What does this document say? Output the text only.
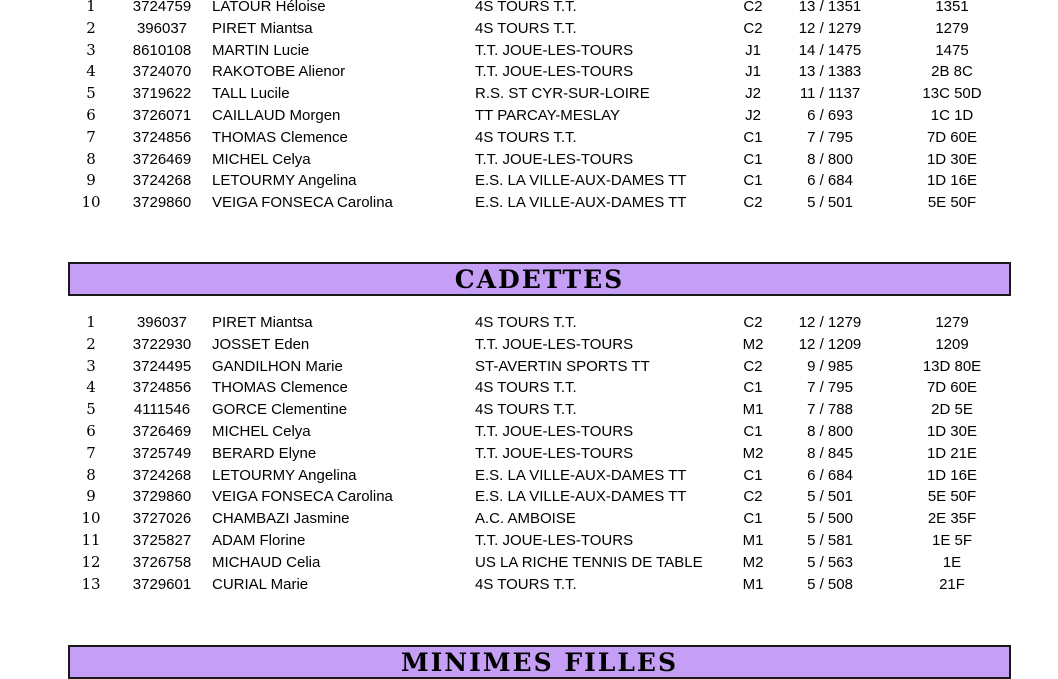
1	3724759	LATOUR Héloise	4S TOURS T.T.	C2	13 / 1351	1351
2	396037	PIRET Miantsa	4S TOURS T.T.	C2	12 / 1279	1279
3	8610108	MARTIN Lucie	T.T. JOUE-LES-TOURS	J1	14 / 1475	1475
4	3724070	RAKOTOBE Alienor	T.T. JOUE-LES-TOURS	J1	13 / 1383	2B 8C
5	3719622	TALL Lucile	R.S. ST CYR-SUR-LOIRE	J2	11 / 1137	13C 50D
6	3726071	CAILLAUD Morgen	TT PARCAY-MESLAY	J2	6 / 693	1C 1D
7	3724856	THOMAS Clemence	4S TOURS T.T.	C1	7 / 795	7D 60E
8	3726469	MICHEL Celya	T.T. JOUE-LES-TOURS	C1	8 / 800	1D 30E
9	3724268	LETOURMY Angelina	E.S. LA VILLE-AUX-DAMES TT	C1	6 / 684	1D 16E
10	3729860	VEIGA FONSECA Carolina	E.S. LA VILLE-AUX-DAMES TT	C2	5 / 501	5E 50F
CADETTES
1	396037	PIRET Miantsa	4S TOURS T.T.	C2	12 / 1279	1279
2	3722930	JOSSET Eden	T.T. JOUE-LES-TOURS	M2	12 / 1209	1209
3	3724495	GANDILHON Marie	ST-AVERTIN SPORTS TT	C2	9 / 985	13D 80E
4	3724856	THOMAS Clemence	4S TOURS T.T.	C1	7 / 795	7D 60E
5	4111546	GORCE Clementine	4S TOURS T.T.	M1	7 / 788	2D 5E
6	3726469	MICHEL Celya	T.T. JOUE-LES-TOURS	C1	8 / 800	1D 30E
7	3725749	BERARD Elyne	T.T. JOUE-LES-TOURS	M2	8 / 845	1D 21E
8	3724268	LETOURMY Angelina	E.S. LA VILLE-AUX-DAMES TT	C1	6 / 684	1D 16E
9	3729860	VEIGA FONSECA Carolina	E.S. LA VILLE-AUX-DAMES TT	C2	5 / 501	5E 50F
10	3727026	CHAMBAZI Jasmine	A.C. AMBOISE	C1	5 / 500	2E 35F
11	3725827	ADAM Florine	T.T. JOUE-LES-TOURS	M1	5 / 581	1E 5F
12	3726758	MICHAUD Celia	US LA RICHE TENNIS DE TABLE	M2	5 / 563	1E
13	3729601	CURIAL Marie	4S TOURS T.T.	M1	5 / 508	21F
MINIMES FILLES
